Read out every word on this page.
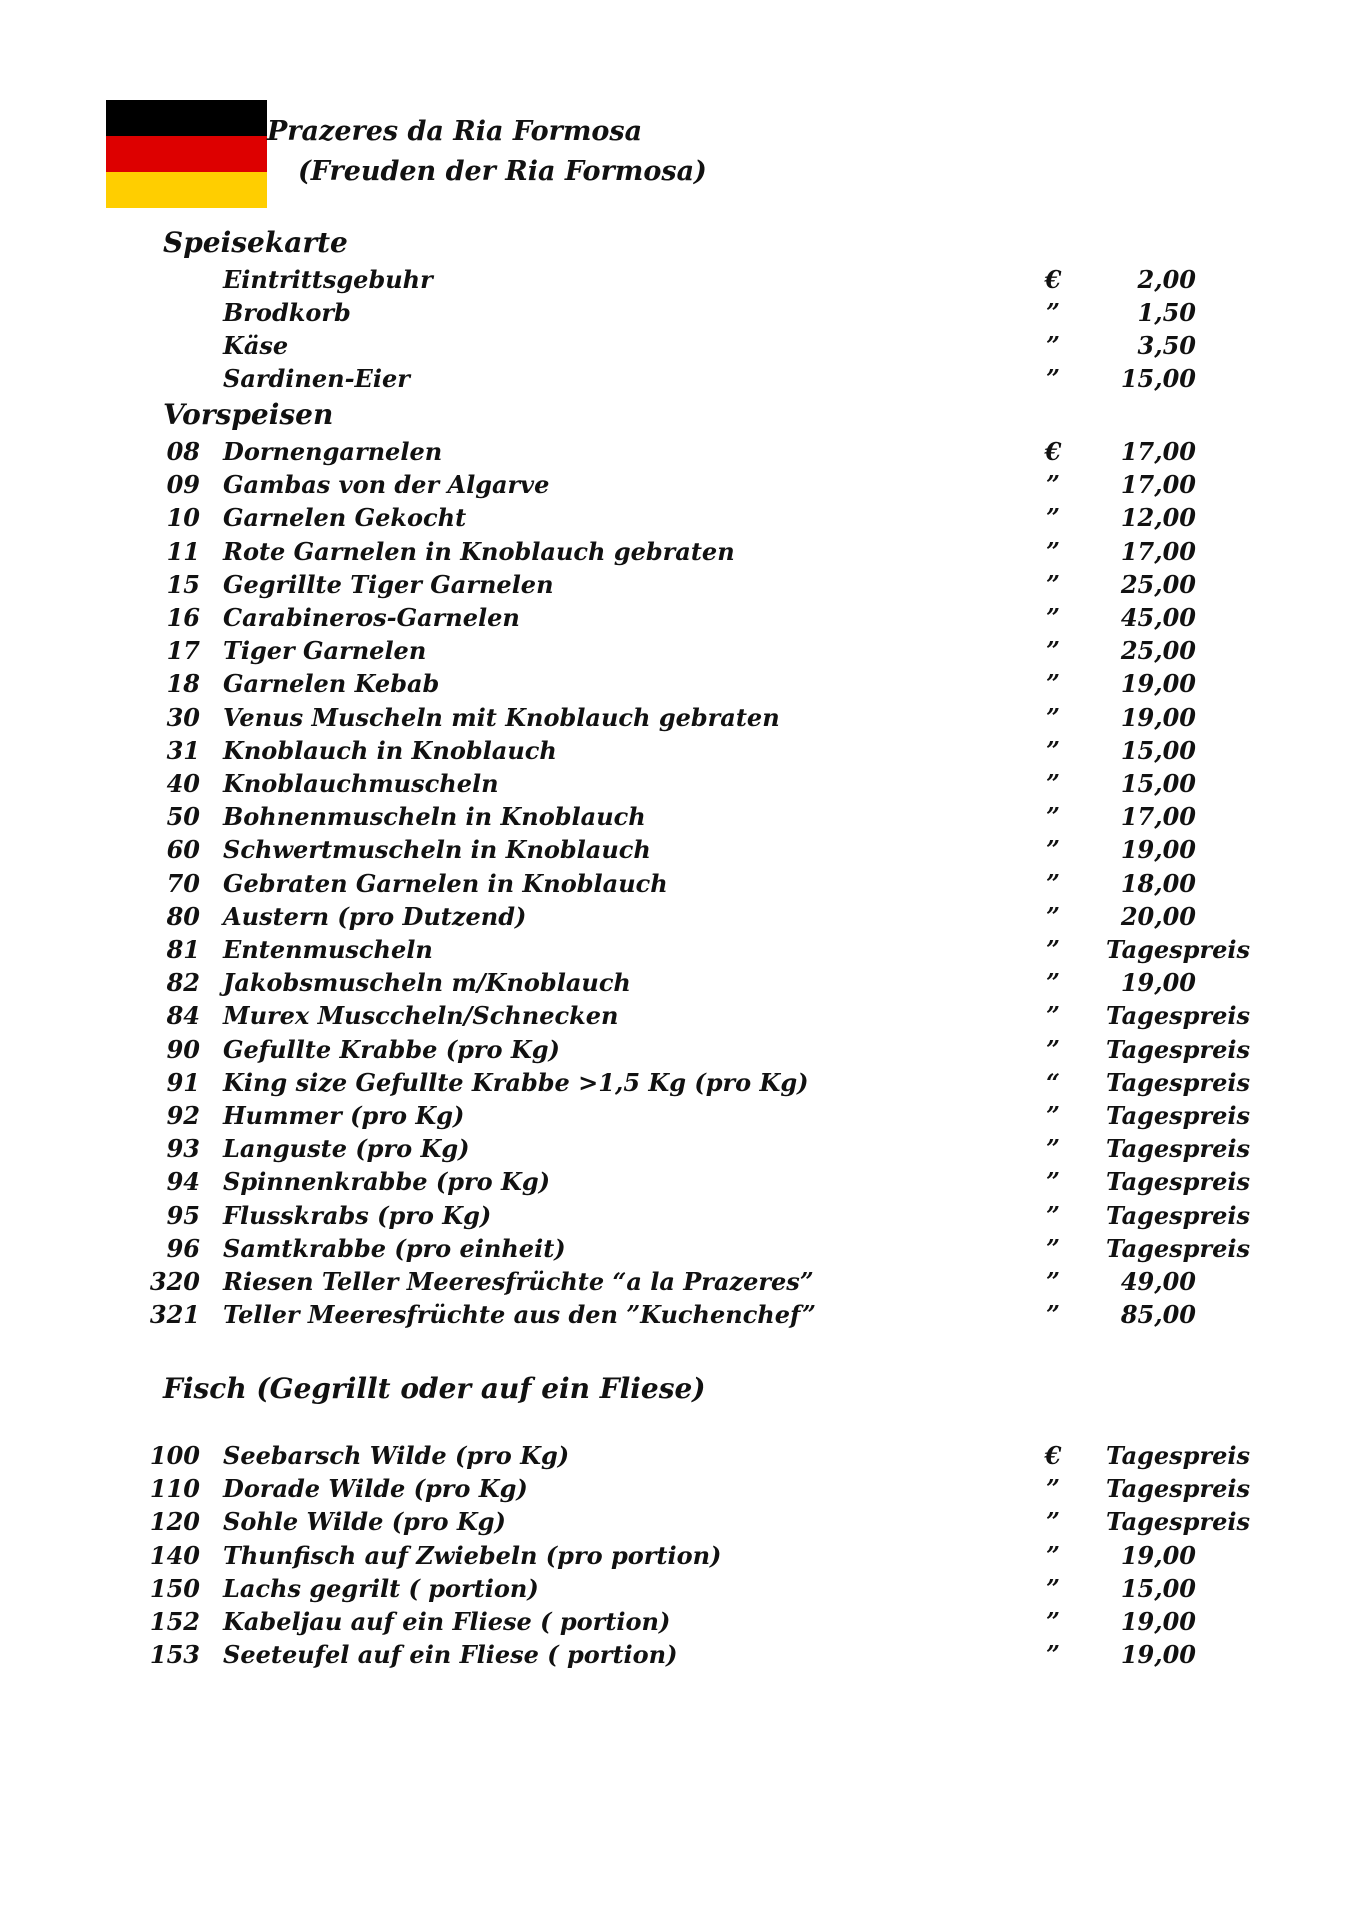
Prazeres da Ria Formosa
(Freuden der Ria Formosa)
Speisekarte
Eintrittsgebuhr	€	2,00
Brodkorb	”	1,50
Käse	”	3,50
Sardinen-Eier	”	15,00
Vorspeisen
08 Dornengarnelen	€ 17,00
09 Gambas von der Algarve	”	17,00
10 Garnelen Gekocht	”	12,00
11 Rote Garnelen in Knoblauch gebraten	”	17,00
15 Gegrillte Tiger Garnelen	”	25,00
16 Carabineros-Garnelen	”	45,00
17 Tiger Garnelen	”	25,00
18 Garnelen Kebab	”	19,00
30 Venus Muscheln mit Knoblauch gebraten	”	19,00
31 Knoblauch in Knoblauch	”	15,00
40 Knoblauchmuscheln	”	15,00
50 Bohnenmuscheln in Knoblauch	”	17,00
60 Schwertmuscheln in Knoblauch	”	19,00
70 Gebraten Garnelen in Knoblauch	”	18,00
80 Austern (pro Dutzend)	”	20,00
81 Entenmuscheln	”	Tagespreis
82 Jakobsmuscheln m/Knoblauch	”	19,00
84 Murex Musccheln/Schnecken	”	Tagespreis
90 Gefullte Krabbe (pro Kg)	”	Tagespreis
91 King size Gefullte Krabbe >1,5 Kg (pro Kg)	“	Tagespreis
92 Hummer (pro Kg)	”	Tagespreis
93 Languste (pro Kg)	”	Tagespreis
94 Spinnenkrabbe (pro Kg)	”	Tagespreis
95 Flusskrabs (pro Kg)	”	Tagespreis
96 Samtkrabbe (pro einheit)	”	Tagespreis
320 Riesen Teller Meeresfrüchte “a la Prazeres”	”	49,00
321 Teller Meeresfrüchte aus den ”Kuchenchef”	”	85,00
Fisch (Gegrillt oder auf ein Fliese)
100 Seebarsch Wilde (pro Kg)	€ Tagespreis
110 Dorade Wilde (pro Kg)	”	Tagespreis
120 Sohle Wilde (pro Kg)	”	Tagespreis
140 Thunfisch auf Zwiebeln (pro portion)	”	19,00
150 Lachs gegrilt ( portion)	”	15,00
152 Kabeljau auf ein Fliese ( portion)	”	19,00
153 Seeteufel auf ein Fliese ( portion)	”	19,00
